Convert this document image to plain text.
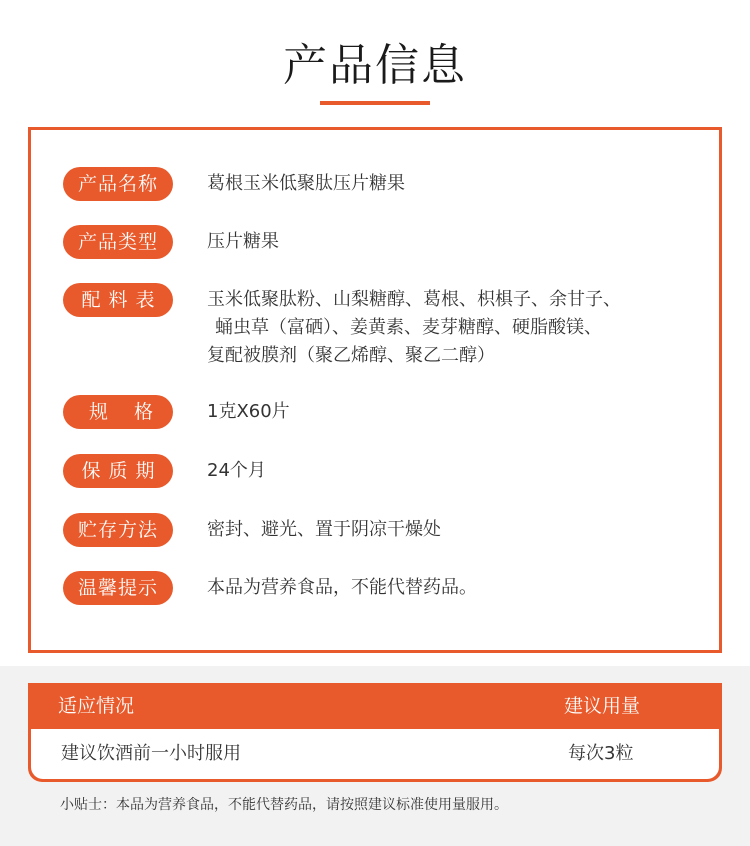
产品信息
产品名称	葛根玉米低聚肽压片糖果
产品类型	压片糖果
配料表	玉米低聚肽粉、山梨糖醇、葛根、枳椇子、余甘子、
蛹虫草（富硒）、姜黄素、麦芽糖醇、硬脂酸镁、
复配被膜剂（聚乙烯醇、聚乙二醇）
规格 1克X60片
保质期	24个月
贮存方法	密封、避光、置于阴凉干燥处
温馨提示	本品为营养食品，不能代替药品。
适应情况	建议用量
建议饮酒前一小时服用	每次3粒
小贴士：本品为营养食品，不能代替药品，请按照建议标准使用量服用。
